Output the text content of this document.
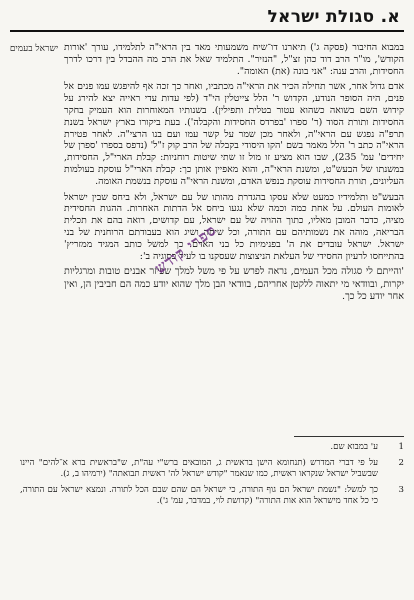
א. סגולת ישראל
ישראל בעמים במבוא החיבור (פסקה ג') תיארנו דו־שיח משמעותי מאד בין הראי"ה לתלמידו, עורך 'אורות הקודש', מו"ר הרב דוד כהן זצ"ל, "הנזיר". התלמיד שאל את הרב מה ההבדל בין דרכו לדרך החסידות, והרב ענה: "אני בונה (את) האומה".

אדם גדול אחר, אשר תחילה הכיר את הראי"ה מכתביו, ואחר כך זכה אף להיפגש עמו פנים אל פנים, היה הסופר הנודע, הקדוש ר' הלל צייטלין הי"ד (לפי עדות עדי ראייה יצא להירג על קידוש השם בשואה כשהוא עטור בטלית ותפילין). בשנותיו המאוחרות הוא העמיק בחקר החסידות ותורת הסוד (ר' ספרו 'בפרדס החסידות והקבלה'). בעת ביקורו בארץ ישראל בשנת תרפ"ה נפגש עם הראי"ה, ולאחר מכן שמר על קשר עמו ועם בנו הרצי"ה. לאחר פטירת הראי"ה כתב ר' הלל מאמר בשם 'הקו היסודי בקבלה של הרב קוק ז"ל' (נדפס בספרו 'ספרן של יחידים' עמ' 235), שבו הוא מציע זו מול זו שתי שיטות רוחניות: קבלת הארי"ל, החסידות, במשנתו של הבעש"ט, ומשנת הראי"ה, והוא מאפיין אותן כך: קבלת הארי"ל עוסקת בעולמות העליונים, תורת החסידות עוסקת בנפש האדם, ומשנת הראי"ה עוסקת בנשמת האומה.

הבעש"ט ותלמידיו כמעט שלא עסקו בהגדרת מהותו של עם ישראל, ולא ביחס שבין ישראל לאומות העולם. על אחת כמה וכמה שלא נגעו ביחס אל הדתות האחרות. ההגות החסידית מציה, כדבר המובן מאליו, כתוך ההויה של עם ישראל, עם קדושים, רואה בהם את תכלית הבריאה, מוהה את נשמותיהם עם התורה, וכל שיחה ושיג הוא בעבודתם הרוחנית של בני ישראל. ישראל עובדים את ה' בפנימיות כל בני האדם. כך למשל כותב המגיד ממזריץ' בהתייחסו לרעיון החסידי של העלאת הניצוצות שעסקנו בו לעיל בסוגיה ב':

'והייתם לי סגולה מכל העמים, נראה לפרש על פי משל למלך שפיזר אבנים טובות ומרגליות יקרות, ובוודאי מי יתאוה ללקטן אחריהם, בוודאי הבן מלך שהוא יודע כמה הם חביבין הן, ואין אחר יודע כל כך.

ספרי קודש
1
ע' במבוא שם.
2
על פי דברי המדרש (תנחומא הישן בראשית ג, המובאים ברש"י עה"ת, ש"בראשית ברא א־להים" היינו שבשביל ישראל שנקראו ראשית, כמו שנאמר "קודש ישראל לה' ראשית תבואתה" (ירמיהו ב, ג).
3
כך למשל: "נשמת ישראל הם גוף התורה, כי ישראל הם שהם שבם הכל לתורה. ונמצא ישראל עם התורה, כי כל אחד מישראל הוא אות התורה" (קדושת לוי, במדבר, עמ' ג').
